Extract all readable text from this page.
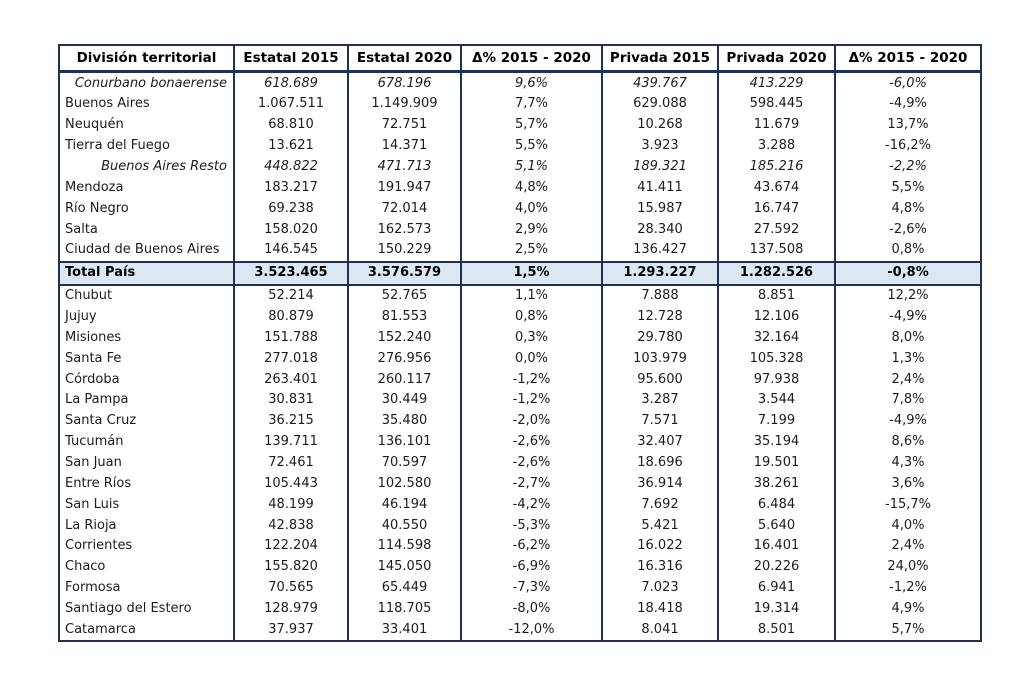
División territorial	Estatal 2015	Estatal 2020	Δ% 2015 - 2020	Privada 2015	Privada 2020	Δ% 2015 - 2020
Conurbano bonaerense	618.689	678.196	9,6%	439.767	413.229	-6,0%
Buenos Aires	1.067.511	1.149.909	7,7%	629.088	598.445	-4,9%
Neuquén	68.810	72.751	5,7%	10.268	11.679	13,7%
Tierra del Fuego	13.621	14.371	5,5%	3.923	3.288	-16,2%
Buenos Aires Resto	448.822	471.713	5,1%	189.321	185.216	-2,2%
Mendoza	183.217	191.947	4,8%	41.411	43.674	5,5%
Río Negro	69.238	72.014	4,0%	15.987	16.747	4,8%
Salta	158.020	162.573	2,9%	28.340	27.592	-2,6%
Ciudad de Buenos Aires	146.545	150.229	2,5%	136.427	137.508	0,8%
Total País	3.523.465	3.576.579	1,5%	1.293.227	1.282.526	-0,8%
Chubut	52.214	52.765	1,1%	7.888	8.851	12,2%
Jujuy	80.879	81.553	0,8%	12.728	12.106	-4,9%
Misiones	151.788	152.240	0,3%	29.780	32.164	8,0%
Santa Fe	277.018	276.956	0,0%	103.979	105.328	1,3%
Córdoba	263.401	260.117	-1,2%	95.600	97.938	2,4%
La Pampa	30.831	30.449	-1,2%	3.287	3.544	7,8%
Santa Cruz	36.215	35.480	-2,0%	7.571	7.199	-4,9%
Tucumán	139.711	136.101	-2,6%	32.407	35.194	8,6%
San Juan	72.461	70.597	-2,6%	18.696	19.501	4,3%
Entre Ríos	105.443	102.580	-2,7%	36.914	38.261	3,6%
San Luis	48.199	46.194	-4,2%	7.692	6.484	-15,7%
La Rioja	42.838	40.550	-5,3%	5.421	5.640	4,0%
Corrientes	122.204	114.598	-6,2%	16.022	16.401	2,4%
Chaco	155.820	145.050	-6,9%	16.316	20.226	24,0%
Formosa	70.565	65.449	-7,3%	7.023	6.941	-1,2%
Santiago del Estero	128.979	118.705	-8,0%	18.418	19.314	4,9%
Catamarca	37.937	33.401	-12,0%	8.041	8.501	5,7%
